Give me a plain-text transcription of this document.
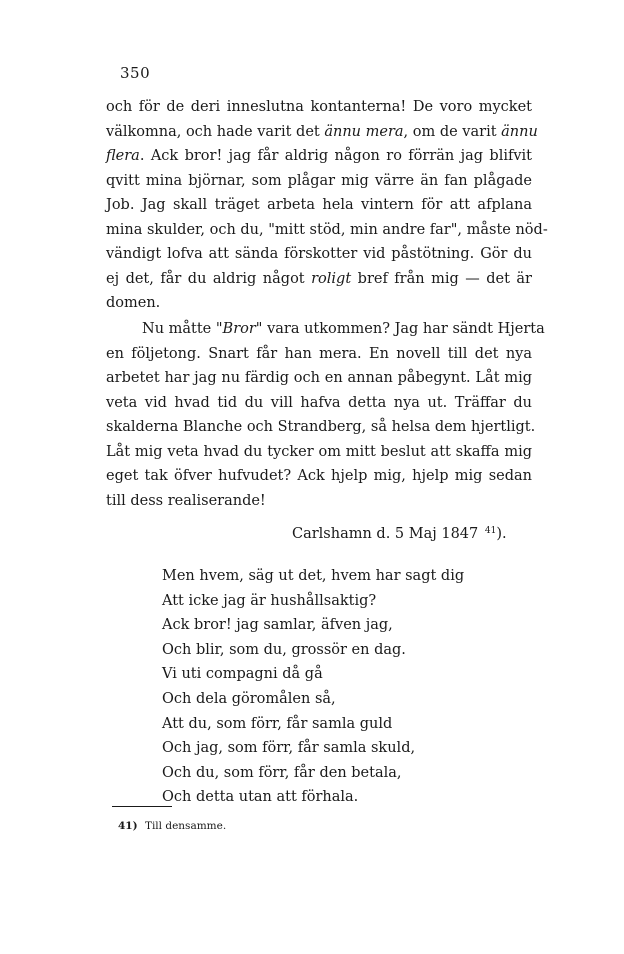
350
och för de deri inneslutna kontanterna! De voro mycket
välkomna, och hade varit det ännu mera, om de varit ännu
flera. Ack bror! jag får aldrig någon ro förrän jag blifvit
qvitt mina björnar, som plågar mig värre än fan plågade
Job. Jag skall träget arbeta hela vintern för att afplana
mina skulder, och du, "mitt stöd, min andre far", måste nöd-
vändigt lofva att sända förskotter vid påstötning. Gör du
ej det, får du aldrig något roligt bref från mig — det är
domen.
Nu måtte "Bror" vara utkommen? Jag har sändt Hjerta
en följetong. Snart får han mera. En novell till det nya
arbetet har jag nu färdig och en annan påbegynt. Låt mig
veta vid hvad tid du vill hafva detta nya ut. Träffar du
skalderna Blanche och Strandberg, så helsa dem hjertligt.
Låt mig veta hvad du tycker om mitt beslut att skaffa mig
eget tak öfver hufvudet? Ack hjelp mig, hjelp mig sedan
till dess realiserande!
Carlshamn d. 5 Maj 1847 $^{41}$).
Men hvem, säg ut det, hvem har sagt dig
Att icke jag är hushållsaktig?
Ack bror! jag samlar, äfven jag,
Och blir, som du, grossör en dag.
Vi uti compagni då gå
Och dela göromålen så,
Att du, som förr, får samla guld
Och jag, som förr, får samla skuld,
Och du, som förr, får den betala,
Och detta utan att förhala.
41) Till densamme.
